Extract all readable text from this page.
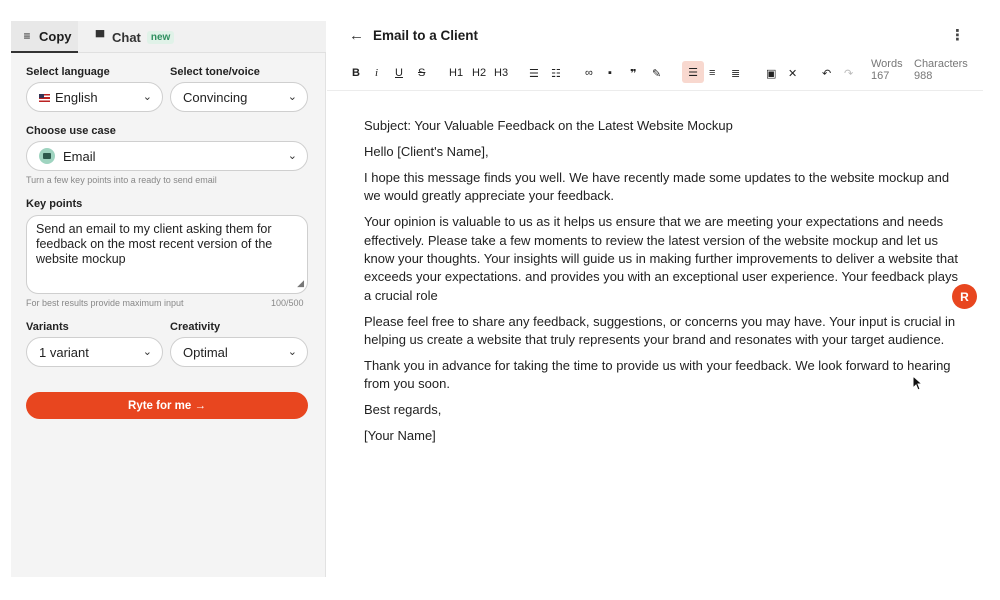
≡ Copy ▀ Chat	new
Select language	Select tone/voice
English	⌄ Convincing	⌄
Choose use case
Email	⌄
Turn a few key points into a ready to send email
Key points
Send an email to my client asking them for feedback on the most recent version of the website mockup
◢
For best results provide maximum input	100/500
Variants	Creativity
1 variant	⌄ Optimal	⌄
Ryte for me →
← Email to a Client	⋮
B i U S H1 H2 H3 ☰ ☷ ∞ ▪ ❞ ✎	☰	≡ ≣ ▣ ✕ ↶ ↷
Words
167
Characters
988

Subject: Your Valuable Feedback on the Latest Website Mockup

Hello [Client's Name],

I hope this message finds you well. We have recently made some updates to the website mockup and we would greatly appreciate your feedback.

Your opinion is valuable to us as it helps us ensure that we are meeting your expectations and needs effectively. Please take a few moments to review the latest version of the website mockup and let us know your thoughts. Your insights will guide us in making further improvements to deliver a website that exceeds your expectations. and provides you with an exceptional user experience. Your feedback plays a crucial role

Please feel free to share any feedback, suggestions, or concerns you may have. Your input is crucial in helping us create a website that truly represents your brand and resonates with your target audience.

Thank you in advance for taking the time to provide us with your feedback. We look forward to hearing from you soon.

Best regards,

[Your Name]

R
